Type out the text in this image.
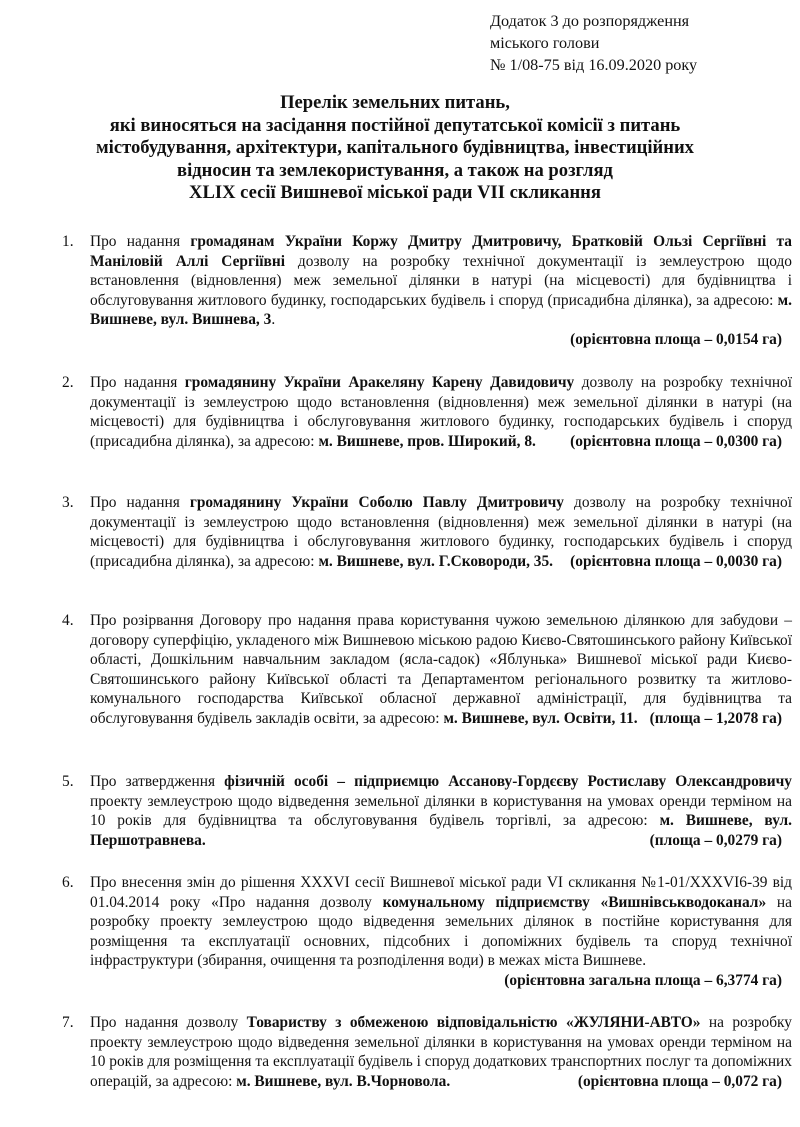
Додаток 3 до розпорядження
міського голови
№ 1/08-75 від 16.09.2020 року
Перелік земельних питань,
які виносяться на засідання постійної депутатської комісії з питань
містобудування, архітектури, капітального будівництва, інвестиційних
відносин та землекористування, а також на розгляд
XLIX сесії Вишневої міської ради VII скликання
1.	Про надання громадянам України Коржу Дмитру Дмитровичу, Братковій Ользі Сергіївні та Маніловій Аллі Сергіївні дозволу на розробку технічної документації із землеустрою щодо встановлення (відновлення) меж земельної ділянки в натурі (на місцевості) для будівництва і обслуговування житлового будинку, господарських будівель і споруд (присадибна ділянка), за адресою: м. Вишневе, вул. Вишнева, 3.
(орієнтовна площа – 0,0154 га)
2.	Про надання громадянину України Аракеляну Карену Давидовичу дозволу на розробку технічної документації із землеустрою щодо встановлення (відновлення) меж земельної ділянки в натурі (на місцевості) для будівництва і обслуговування житлового будинку, господарських будівель і споруд (присадибна ділянка), за адресою: м. Вишневе, пров. Широкий, 8. (орієнтовна площа – 0,0300 га)
3.	Про надання громадянину України Соболю Павлу Дмитровичу дозволу на розробку технічної документації із землеустрою щодо встановлення (відновлення) меж земельної ділянки в натурі (на місцевості) для будівництва і обслуговування житлового будинку, господарських будівель і споруд (присадибна ділянка), за адресою: м. Вишневе, вул. Г.Сковороди, 35. (орієнтовна площа – 0,0030 га)
4.	Про розірвання Договору про надання права користування чужою земельною ділянкою для забудови – договору суперфіцію, укладеного між Вишневою міською радою Києво-Святошинського району Київської області, Дошкільним навчальним закладом (ясла-садок) «Яблунька» Вишневої міської ради Києво-Святошинського району Київської області та Департаментом регіонального розвитку та житлово-комунального господарства Київської обласної державної адміністрації, для будівництва та обслуговування будівель закладів освіти, за адресою: м. Вишневе, вул. Освіти, 11. (площа – 1,2078 га)
5.	Про затвердження фізичній особі – підприємцю Ассанову-Гордєєву Ростиславу Олександровичу проекту землеустрою щодо відведення земельної ділянки в користування на умовах оренди терміном на 10 років для будівництва та обслуговування будівель торгівлі, за адресою: м. Вишневе, вул. Першотравнева.	(площа – 0,0279 га)
6.	Про внесення змін до рішення XXXVI сесії Вишневої міської ради VI скликання №1-01/XXXVI6-39 від 01.04.2014 року «Про надання дозволу комунальному підприємству «Вишнівськводоканал» на розробку проекту землеустрою щодо відведення земельних ділянок в постійне користування для розміщення та експлуатації основних, підсобних і допоміжних будівель та споруд технічної інфраструктури (збирання, очищення та розподілення води) в межах міста Вишневе.
(орієнтовна загальна площа – 6,3774 га)
7.	Про надання дозволу Товариству з обмеженою відповідальністю «ЖУЛЯНИ-АВТО» на розробку проекту землеустрою щодо відведення земельної ділянки в користування на умовах оренди терміном на 10 років для розміщення та експлуатації будівель і споруд додаткових транспортних послуг та допоміжних операцій, за адресою: м. Вишневе, вул. В.Чорновола.	(орієнтовна площа – 0,072 га)
